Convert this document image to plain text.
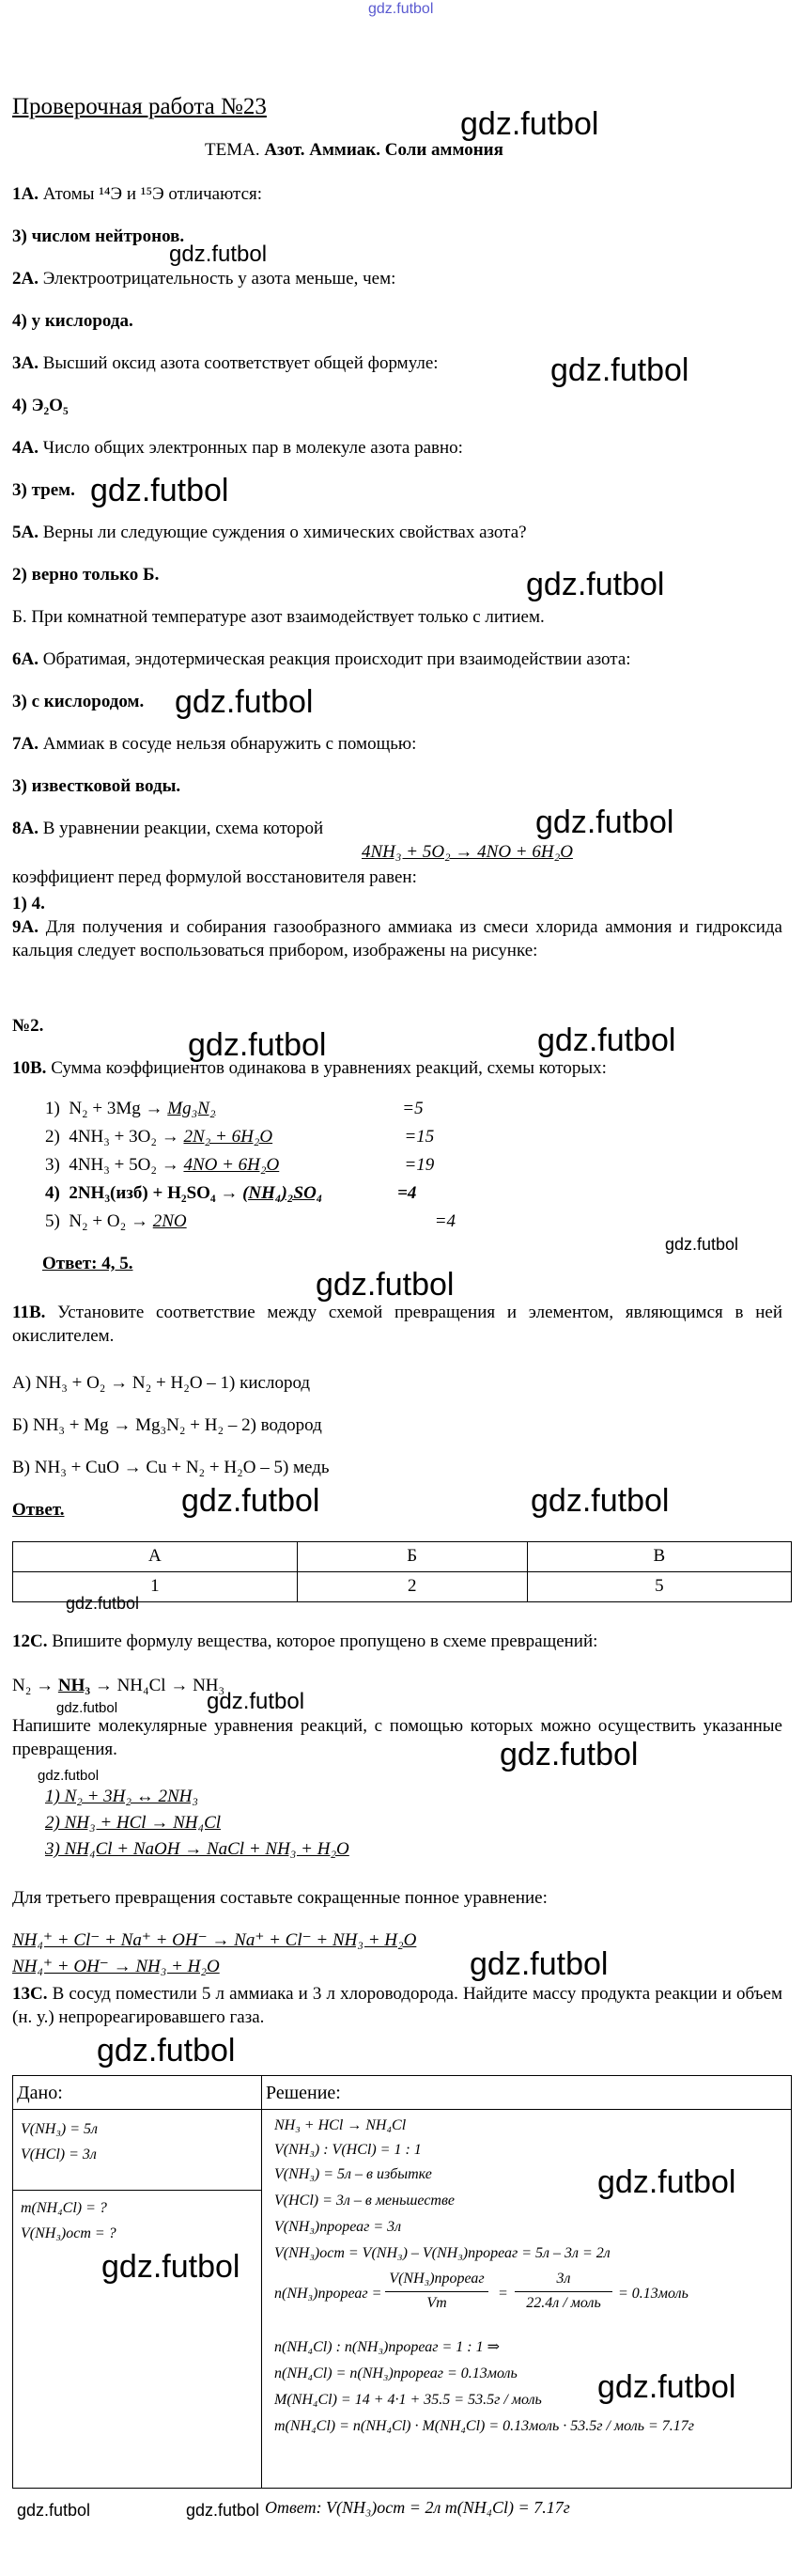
gdz.futbol
Проверочная работа №23
ТЕМА. Азот. Аммиак. Соли аммония
1А. Атомы ¹⁴Э и ¹⁵Э отличаются:
3) числом нейтронов.
2А. Электроотрицательность у азота меньше, чем:
4) у кислорода.
3А. Высший оксид азота соответствует общей формуле:
4) Э₂О₅
4А. Число общих электронных пар в молекуле азота равно:
3) трем.
5А. Верны ли следующие суждения о химических свойствах азота?
2) верно только Б.
Б. При комнатной температуре азот взаимодействует только с литием.
6А. Обратимая, эндотермическая реакция происходит при взаимодействии азота:
3) с кислородом.
7А. Аммиак в сосуде нельзя обнаружить с помощью:
3) известковой воды.
8А. В уравнении реакции, схема которой
4NH₃ + 5O₂ → 4NO + 6H₂O
коэффициент перед формулой восстановителя равен:
1) 4.
9А. Для получения и собирания газообразного аммиака из смеси хлорида аммония и гидроксида кальция следует воспользоваться прибором, изображены на рисунке:
№2.
10В. Сумма коэффициентов одинакова в уравнениях реакций, схемы которых:
1) N₂ + 3Mg → Mg₃N₂	=5
2) 4NH₃ + 3O₂ → 2N₂ + 6H₂O	=15
3) 4NH₃ + 5O₂ → 4NO + 6H₂O	=19
4) 2NH₃(изб) + H₂SO₄ → (NH₄)₂SO₄	=4
5) N₂ + O₂ → 2NO	=4
Ответ: 4, 5.
11В. Установите соответствие между схемой превращения и элементом, являющимся в ней окислителем.
А) NH₃ + O₂ → N₂ + H₂O – 1) кислород
Б) NH₃ + Mg → Mg₃N₂ + H₂ – 2) водород
В) NH₃ + CuO → Cu + N₂ + H₂O – 5) медь
Ответ.
А	Б	В
1	2	5
12С. Впишите формулу вещества, которое пропущено в схеме превращений:
N₂ → NH₃ → NH₄Cl → NH₃
Напишите молекулярные уравнения реакций, с помощью которых можно осуществить указанные превращения.
1) N₂ + 3H₂ ↔ 2NH₃
2) NH₃ + HCl → NH₄Cl
3) NH₄Cl + NaOH → NaCl + NH₃ + H₂O
Для третьего превращения составьте сокращенные понное уравнение:
NH₄⁺ + Cl⁻ + Na⁺ + OH⁻ → Na⁺ + Cl⁻ + NH₃ + H₂O
NH₄⁺ + OH⁻ → NH₃ + H₂O
13С. В сосуд поместили 5 л аммиака и 3 л хлороводорода. Найдите массу продукта реакции и объем (н. у.) непрореагировавшего газа.
Дано:	Решение:
V(NH₃) = 5л
V(HCl) = 3л
m(NH₄Cl) = ?
V(NH₃)ост = ?
NH₃ + HCl → NH₄Cl
V(NH₃) : V(HCl) = 1 : 1
V(NH₃) = 5л – в избытке
V(HCl) = 3л – в меньшестве
V(NH₃)прореаг = 3л
V(NH₃)ост = V(NH₃) – V(NH₃)прореаг = 5л – 3л = 2л
n(NH₃)прореаг =
V(NH₃)прореаг
Vm
=
3л
22.4л / моль
= 0.13моль
n(NH₄Cl) : n(NH₃)прореаг = 1 : 1 ⇒
n(NH₄Cl) = n(NH₃)прореаг = 0.13моль
M(NH₄Cl) = 14 + 4·1 + 35.5 = 53.5г / моль
m(NH₄Cl) = n(NH₄Cl) · M(NH₄Cl) = 0.13моль · 53.5г / моль = 7.17г
Ответ: V(NH₃)ост = 2л m(NH₄Cl) = 7.17г
gdz.futbol
gdz.futbol
gdz.futbol
gdz.futbol
gdz.futbol
gdz.futbol
gdz.futbol
gdz.futbol	gdz.futbol
gdz.futbol
gdz.futbol
gdz.futbol	gdz.futbol
gdz.futbol
gdz.futbol	gdz.futbol
gdz.futbol
gdz.futbol
gdz.futbol
gdz.futbol
gdz.futbol
gdz.futbol
gdz.futbol
gdz.futbol	gdz.futbol
